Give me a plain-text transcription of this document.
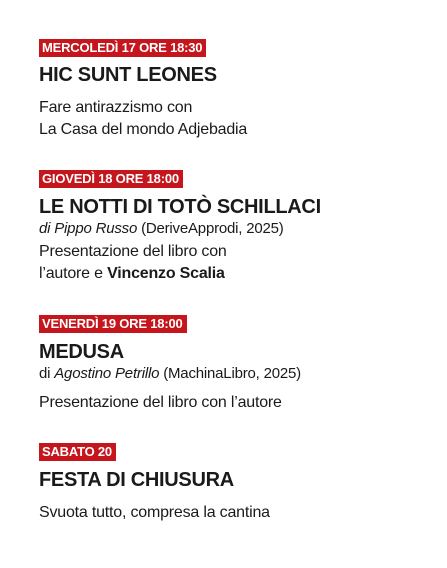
MERCOLEDÌ 17 ORE 18:30
HIC SUNT LEONES
Fare antirazzismo con
La Casa del mondo Adjebadia
GIOVEDÌ 18 ORE 18:00
LE NOTTI DI TOTÒ SCHILLACI
di Pippo Russo (DeriveApprodi, 2025)
Presentazione del libro con
l’autore e Vincenzo Scalia
VENERDÌ 19 ORE 18:00
MEDUSA
di Agostino Petrillo (MachinaLibro, 2025)
Presentazione del libro con l’autore
SABATO 20
FESTA DI CHIUSURA
Svuota tutto, compresa la cantina
